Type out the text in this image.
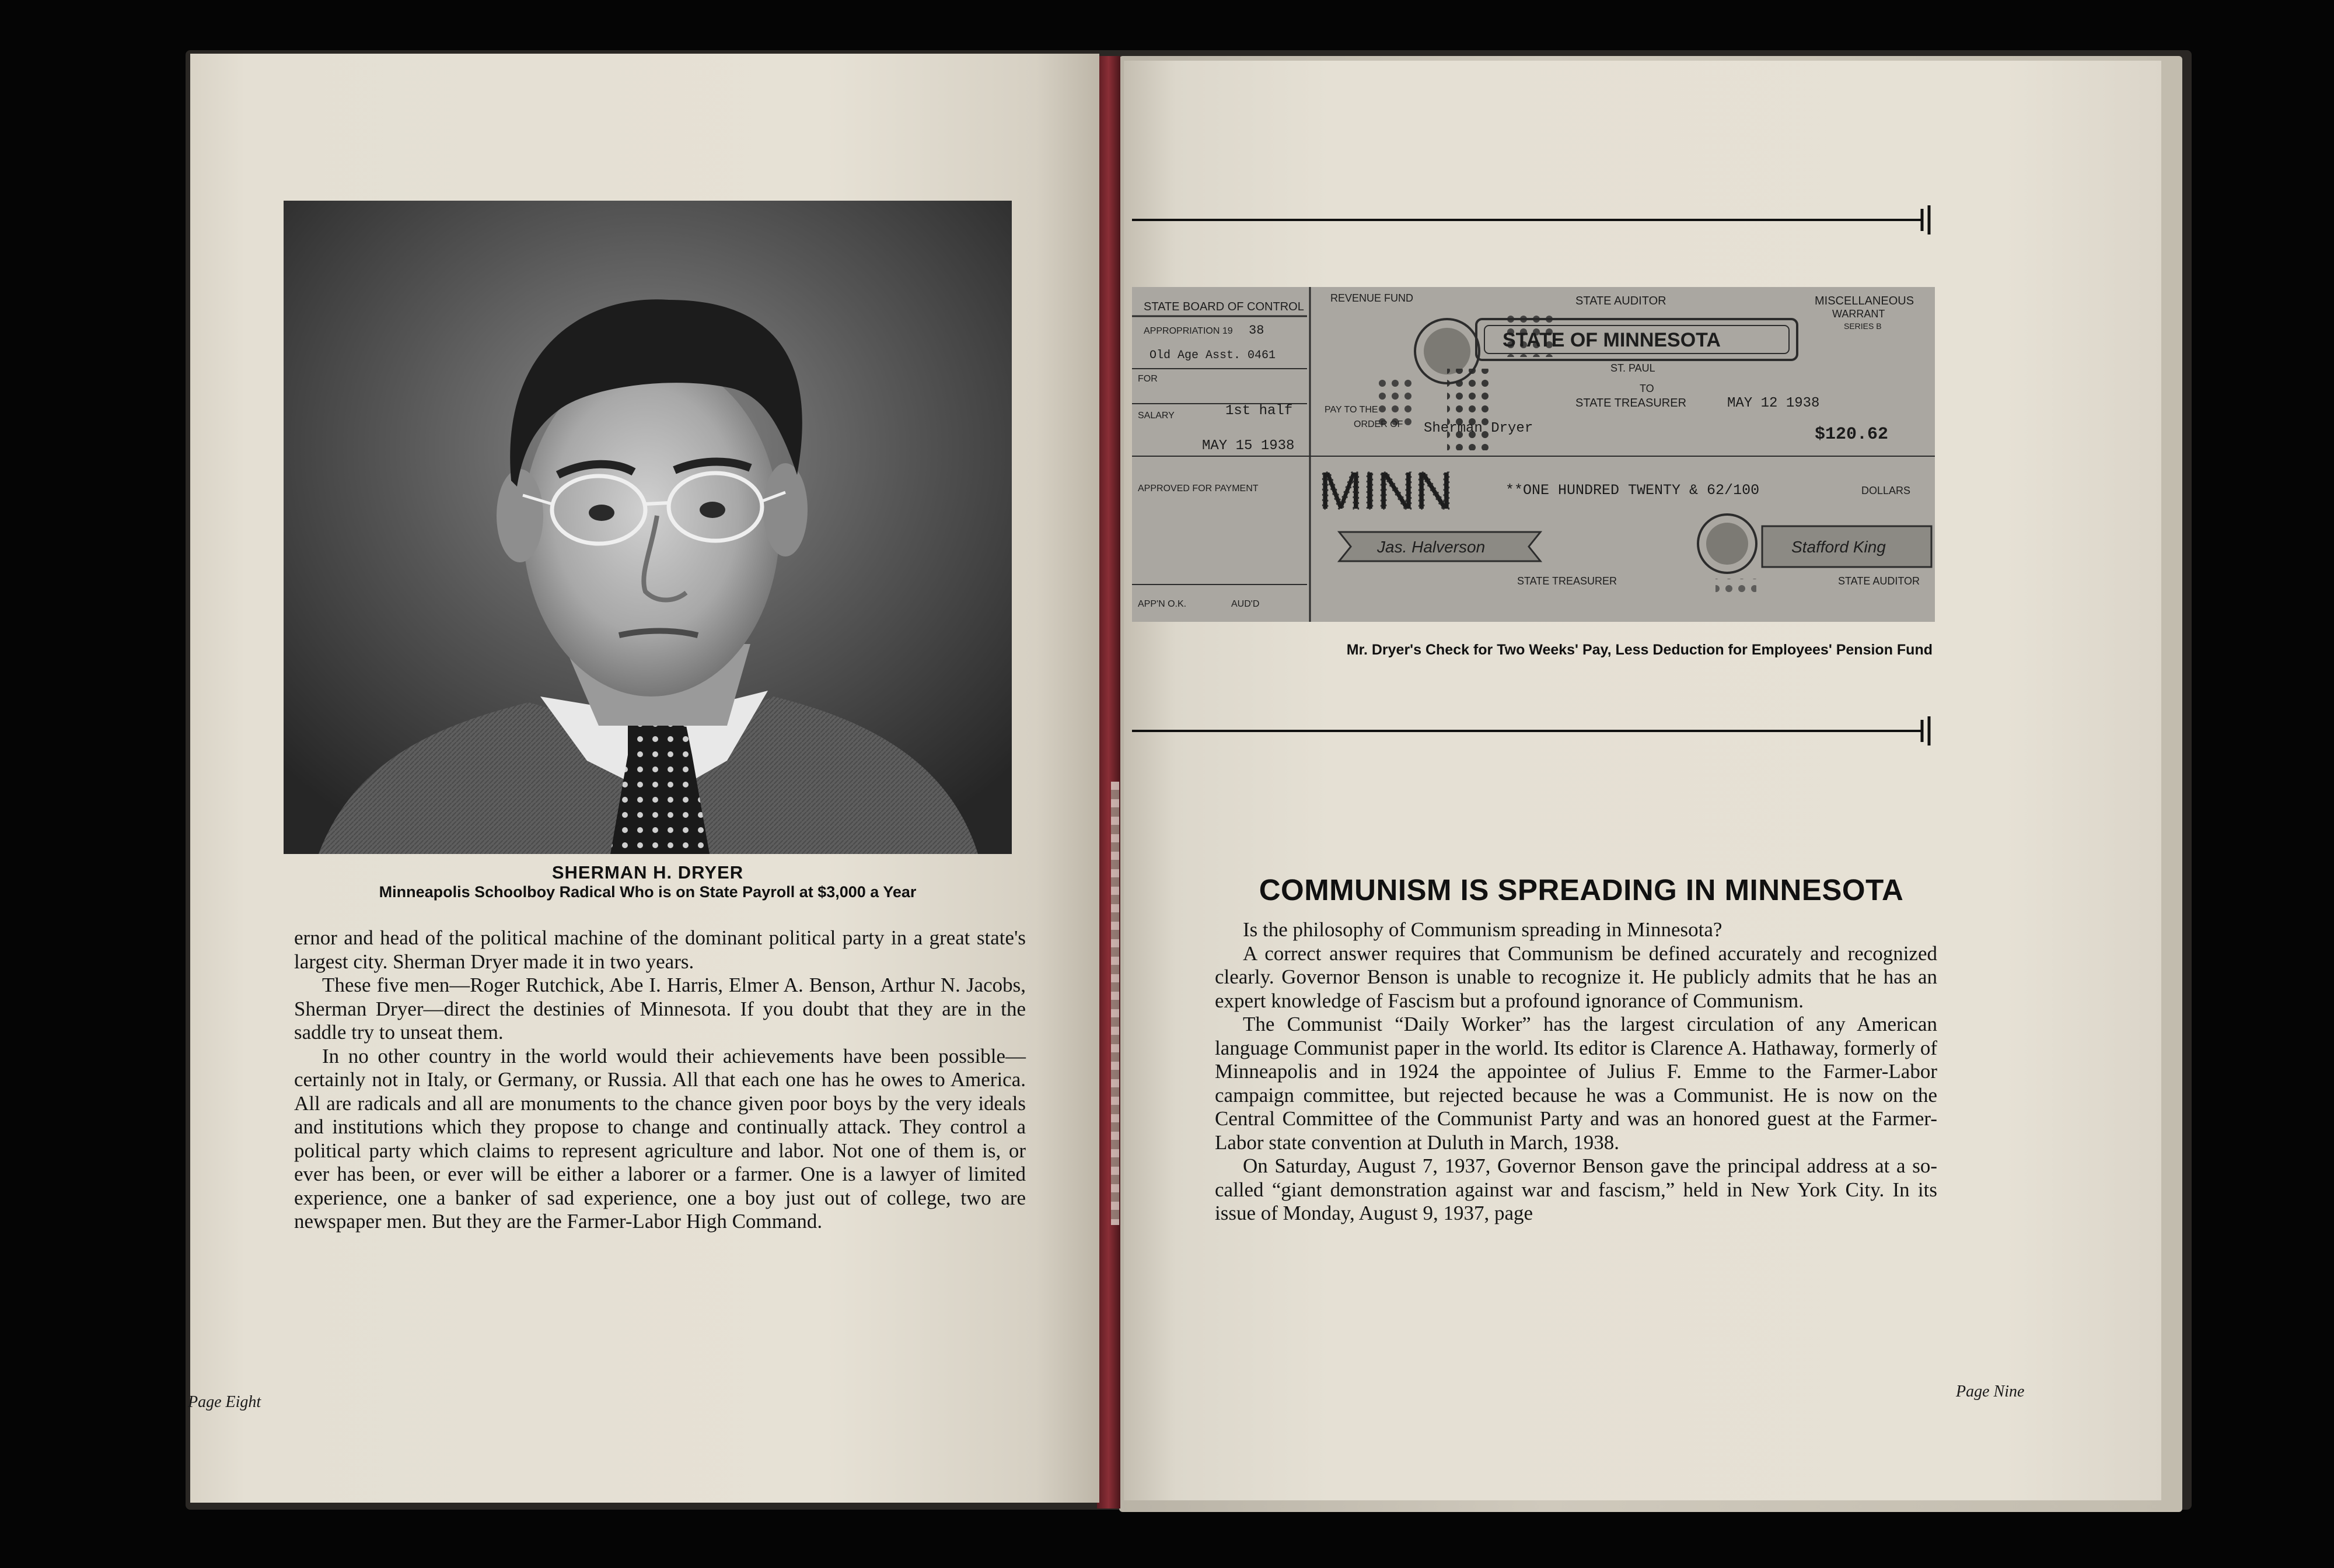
SHERMAN H. DRYER
Minneapolis Schoolboy Radical Who is on State Payroll at $3,000 a Year

ernor and head of the political machine of the dominant political party in a great state's largest city. Sherman Dryer made it in two years.

These five men—Roger Rutchick, Abe I. Harris, Elmer A. Benson, Arthur N. Jacobs, Sherman Dryer—direct the destinies of Minnesota. If you doubt that they are in the saddle try to unseat them.

In no other country in the world would their achievements have been possible—certainly not in Italy, or Germany, or Russia. All that each one has he owes to America. All are radicals and all are monuments to the chance given poor boys by the very ideals and institutions which they propose to change and continually attack. They control a political party which claims to represent agriculture and labor. Not one of them is, or ever has been, or ever will be either a laborer or a farmer. One is a lawyer of limited experience, one a banker of sad experience, one a boy just out of college, two are newspaper men. But they are the Farmer-Labor High Command.

Page Eight
STATE BOARD OF CONTROL
REVENUE FUND	STATE AUDITOR	MISCELLANEOUS
WARRANT
SERIES B
APPROPRIATION 19 38
Old Age Asst. 0461
FOR
SALARY	1st half
STATE OF MINNESOTA
ST. PAUL
TO
STATE TREASURER	MAY 12 1938
PAY TO THE
ORDER OF Sherman Dryer
MAY 15 1938
$120.62
APPROVED FOR PAYMENT	**ONE HUNDRED TWENTY & 62/100	DOLLARS
MINN
Jas. Halverson	Stafford King
STATE TREASURER	STATE AUDITOR
APP'N O.K.	AUD'D
Mr. Dryer's Check for Two Weeks' Pay, Less Deduction for Employees' Pension Fund
COMMUNISM IS SPREADING IN MINNESOTA

Is the philosophy of Communism spreading in Minnesota?

A correct answer requires that Communism be defined accurately and recognized clearly. Governor Benson is unable to recognize it. He publicly admits that he has an expert knowledge of Fascism but a profound ignorance of Communism.

The Communist “Daily Worker” has the largest circulation of any American language Communist paper in the world. Its editor is Clarence A. Hathaway, formerly of Minneapolis and in 1924 the appointee of Julius F. Emme to the Farmer-Labor campaign committee, but rejected because he was a Communist. He is now on the Central Committee of the Communist Party and was an honored guest at the Farmer-Labor state convention at Duluth in March, 1938.

On Saturday, August 7, 1937, Governor Benson gave the principal address at a so-called “giant demonstration against war and fascism,” held in New York City. In its issue of Monday, August 9, 1937, page

Page Nine
